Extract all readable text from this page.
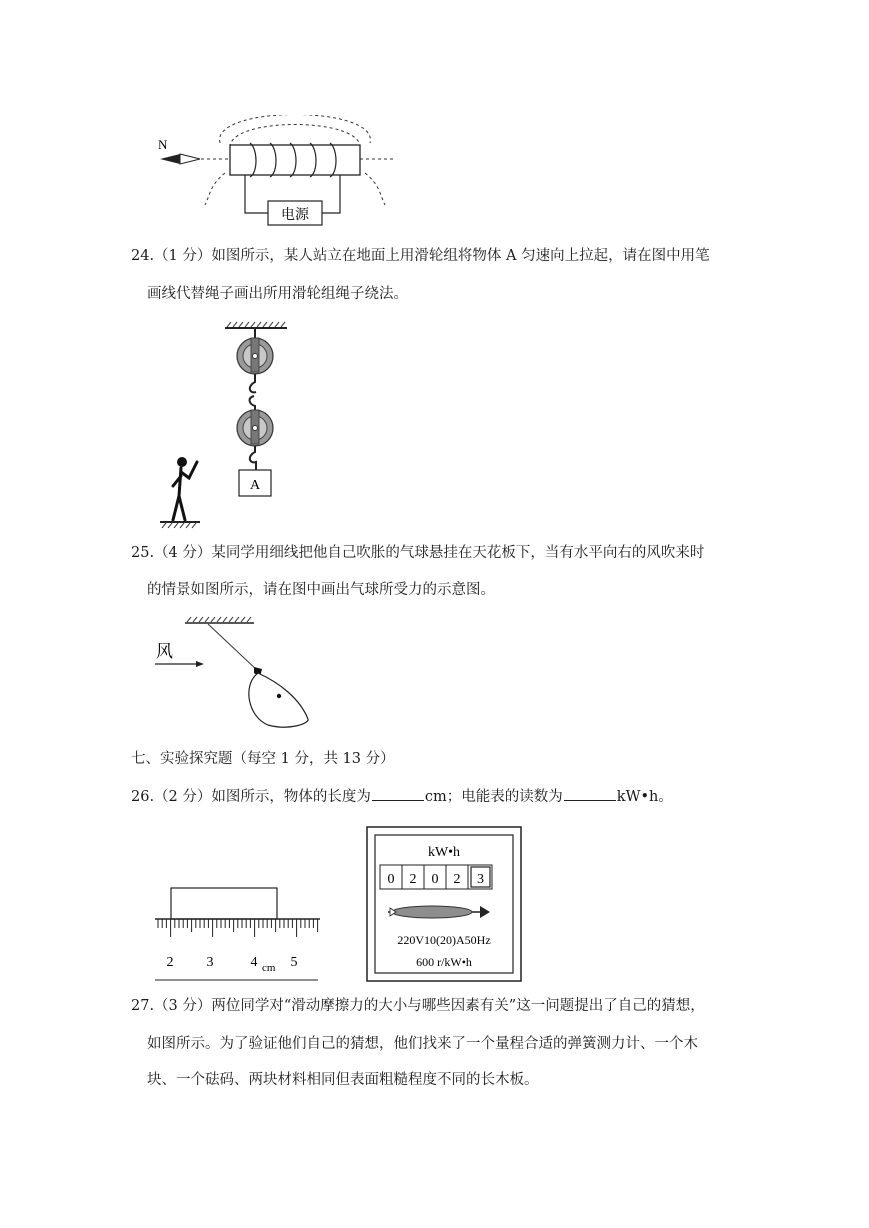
电源
N
24.（1 分）如图所示，某人站立在地面上用滑轮组将物体 A 匀速向上拉起，请在图中用笔
画线代替绳子画出所用滑轮组绳子绕法。
A
25.（4 分）某同学用细线把他自己吹胀的气球悬挂在天花板下，当有水平向右的风吹来时
的情景如图所示，请在图中画出气球所受力的示意图。
风
七、实验探究题（每空 1 分，共 13 分）
26.（2 分）如图所示，物体的长度为	cm；电能表的读数为	kW•h。
2 3	4 5
cm
kW•h
0 2 0 2 3
220V10(20)A50Hz
600 r/kW•h
27.（3 分）两位同学对“滑动摩擦力的大小与哪些因素有关”这一问题提出了自己的猜想，
如图所示。为了验证他们自己的猜想，他们找来了一个量程合适的弹簧测力计、一个木
块、一个砝码、两块材料相同但表面粗糙程度不同的长木板。
